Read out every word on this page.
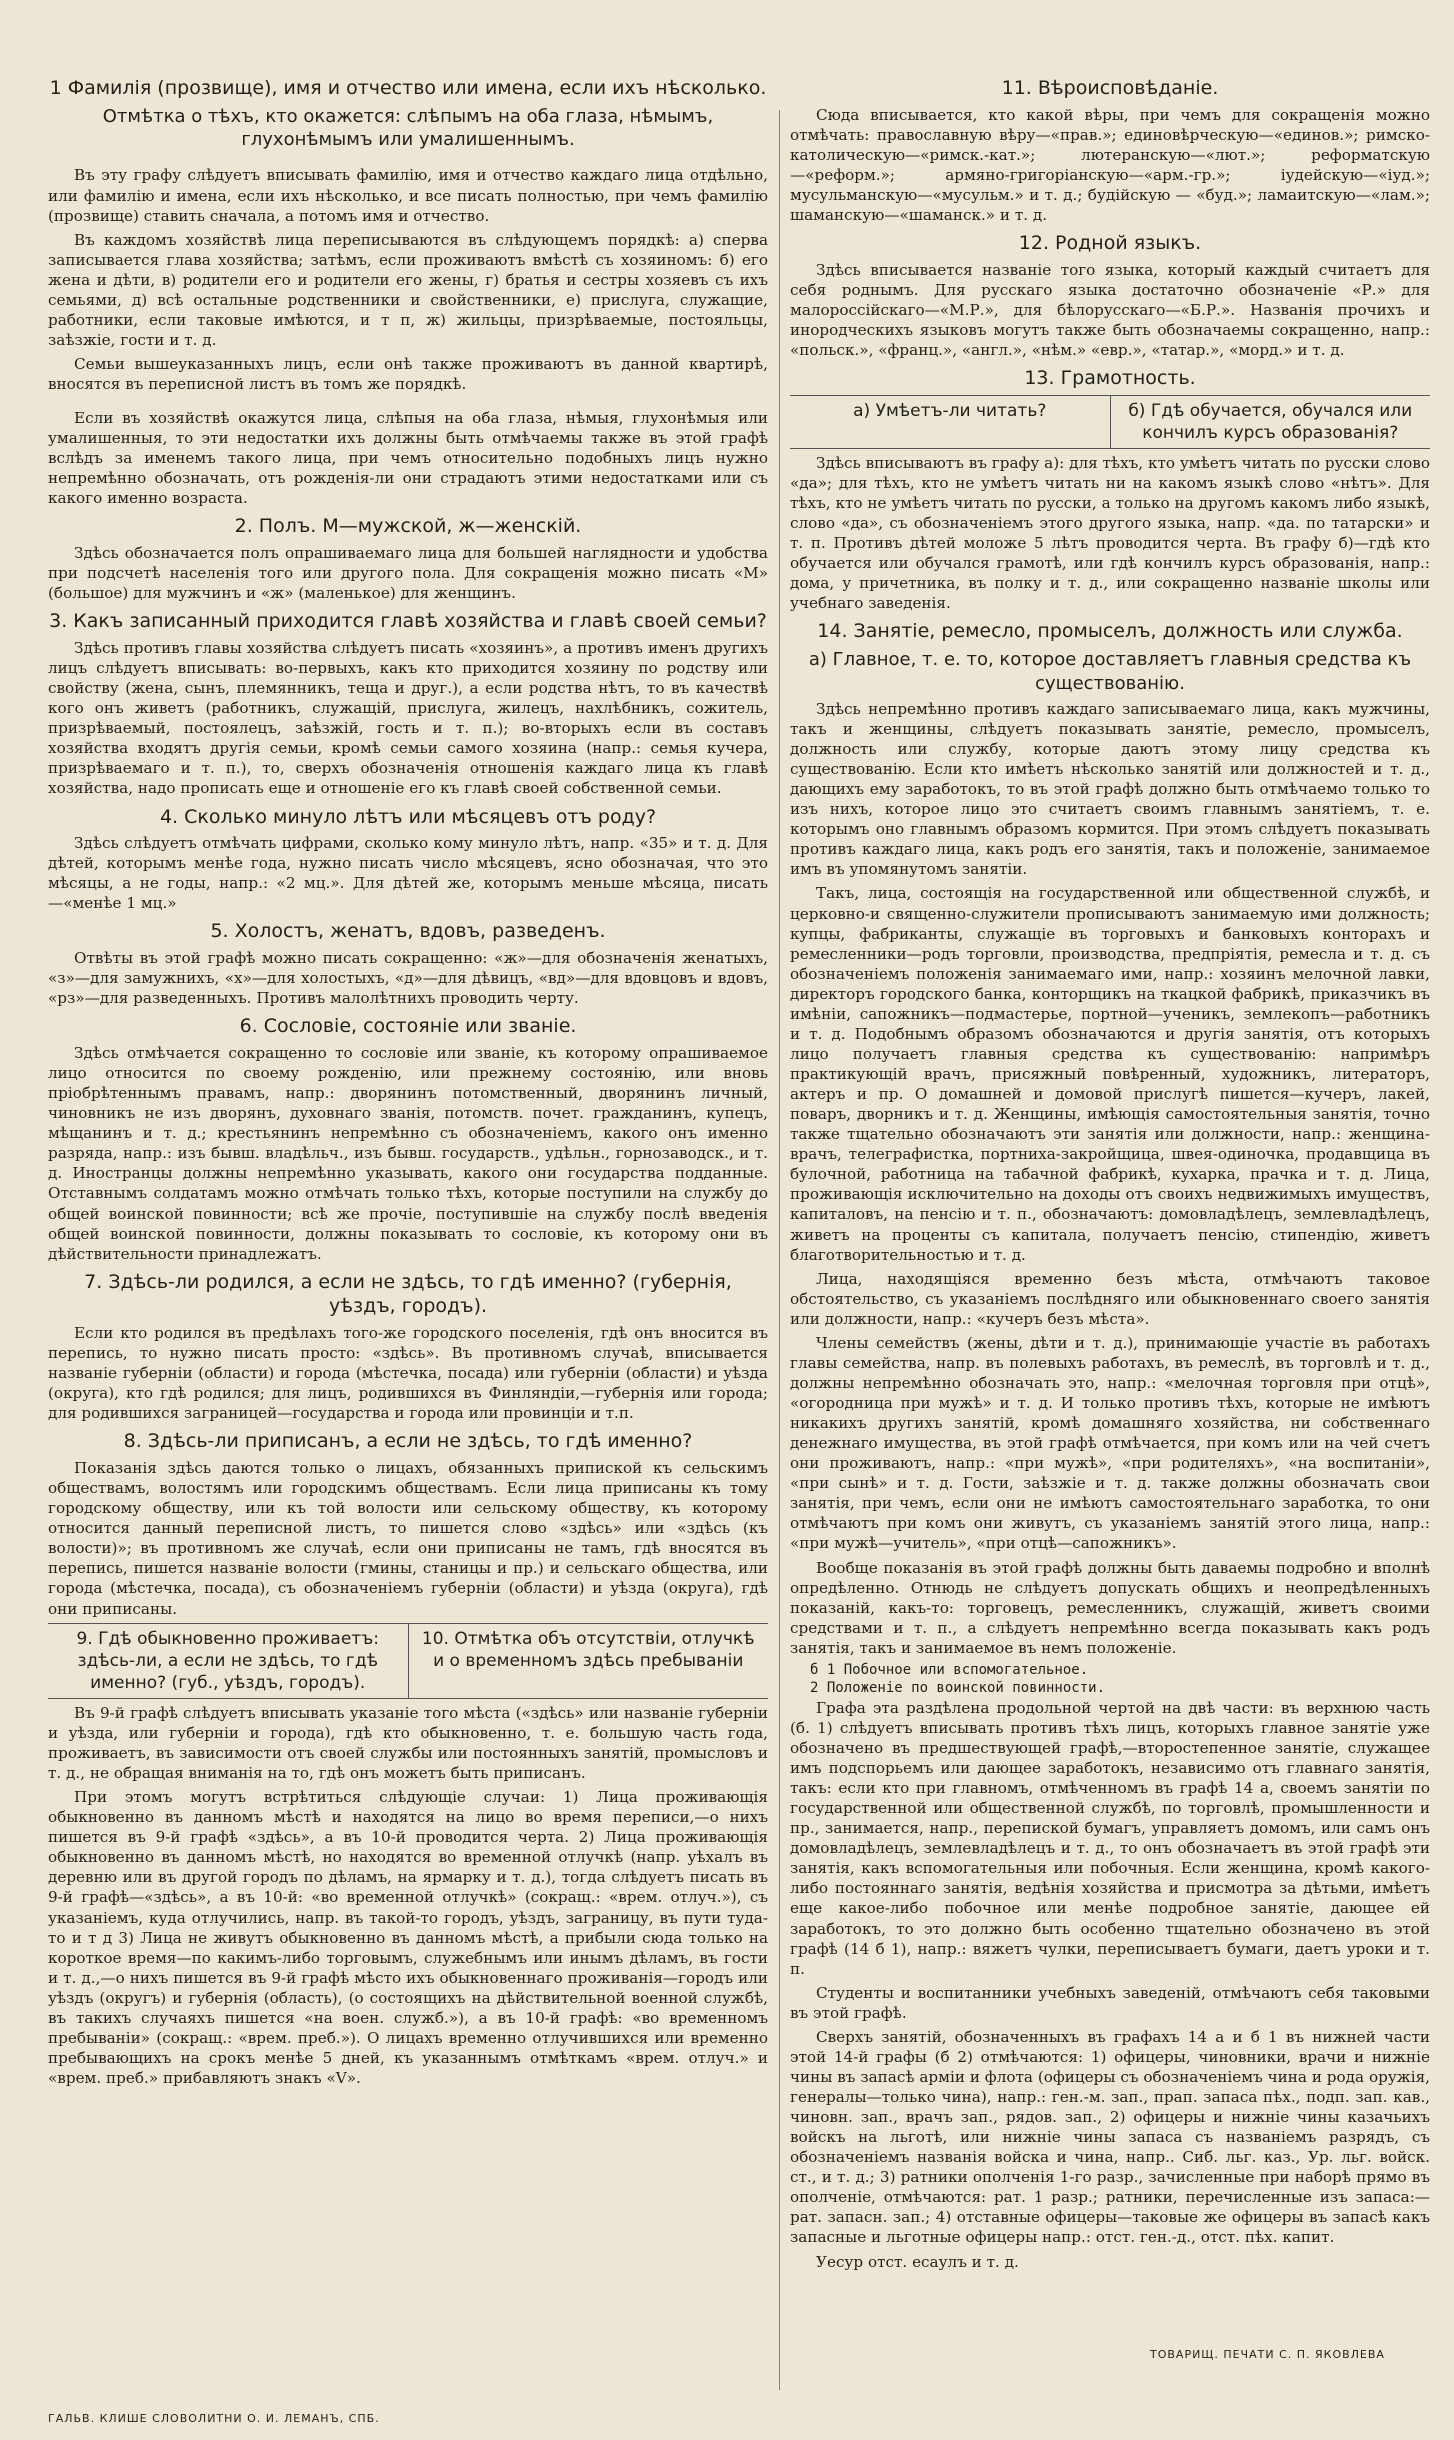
1 Фамилiя (прозвище), имя и отчество или имена, если ихъ нѣсколько.
Отмѣтка о тѣхъ, кто окажется: слѣпымъ на оба глаза, нѣмымъ, глухонѣмымъ или умалишеннымъ.

Въ эту графу слѣдуетъ вписывать фамилiю, имя и отчество каждаго лица отдѣльно, или фамилiю и имена, если ихъ нѣсколько, и все писать полностью, при чемъ фамилiю (прозвище) ставить сначала, а потомъ имя и отчество.

Въ каждомъ хозяйствѣ лица переписываются въ слѣдующемъ порядкѣ: а) сперва записывается глава хозяйства; затѣмъ, если проживаютъ вмѣстѣ съ хозяиномъ: б) его жена и дѣти, в) родители его и родители его жены, г) братья и сестры хозяевъ съ ихъ семьями, д) всѣ остальные родственники и свойственники, е) прислуга, служащие, работники, если таковые имѣются, и т п, ж) жильцы, призрѣваемые, постояльцы, заѣзжiе, гости и т. д.

Семьи вышеуказанныхъ лицъ, если онѣ также проживаютъ въ данной квартирѣ, вносятся въ переписной листъ въ томъ же порядкѣ.

Если въ хозяйствѣ окажутся лица, слѣпыя на оба глаза, нѣмыя, глухонѣмыя или умалишенныя, то эти недостатки ихъ должны быть отмѣчаемы также въ этой графѣ вслѣдъ за именемъ такого лица, при чемъ относительно подобныхъ лицъ нужно непремѣнно обозначать, отъ рожденiя-ли они страдаютъ этими недостатками или съ какого именно возраста.

2. Полъ. М—мужской, ж—женскiй.

Здѣсь обозначается полъ опрашиваемаго лица для большей наглядности и удобства при подсчетѣ населенiя того или другого пола. Для сокращенiя можно писать «М» (большое) для мужчинъ и «ж» (маленькое) для женщинъ.

3. Какъ записанный приходится главѣ хозяйства и главѣ своей семьи?

Здѣсь противъ главы хозяйства слѣдуетъ писать «хозяинъ», а противъ именъ другихъ лицъ слѣдуетъ вписывать: во-первыхъ, какъ кто приходится хозяину по родству или свойству (жена, сынъ, племянникъ, теща и друг.), а если родства нѣтъ, то въ качествѣ кого онъ живетъ (работникъ, служащiй, прислуга, жилецъ, нахлѣбникъ, сожитель, призрѣваемый, постоялецъ, заѣзжiй, гость и т. п.); во-вторыхъ если въ составъ хозяйства входятъ другiя семьи, кромѣ семьи самого хозяина (напр.: семья кучера, призрѣваемаго и т. п.), то, сверхъ обозначенiя отношенiя каждаго лица къ главѣ хозяйства, надо прописать еще и отношенiе его къ главѣ своей собственной семьи.

4. Сколько минуло лѣтъ или мѣсяцевъ отъ роду?

Здѣсь слѣдуетъ отмѣчать цифрами, сколько кому минуло лѣтъ, напр. «35» и т. д. Для дѣтей, которымъ менѣе года, нужно писать число мѣсяцевъ, ясно обозначая, что это мѣсяцы, а не годы, напр.: «2 мц.». Для дѣтей же, которымъ меньше мѣсяца, писать—«менѣе 1 мц.»

5. Холостъ, женатъ, вдовъ, разведенъ.

Отвѣты въ этой графѣ можно писать сокращенно: «ж»—для обозначенiя женатыхъ, «з»—для замужнихъ, «х»—для холостыхъ, «д»—для дѣвицъ, «вд»—для вдовцовъ и вдовъ, «рз»—для разведенныхъ. Противъ малолѣтнихъ проводить черту.

6. Сословiе, состоянiе или званiе.

Здѣсь отмѣчается сокращенно то сословiе или званiе, къ которому опрашиваемое лицо относится по своему рожденiю, или прежнему состоянiю, или вновь прiобрѣтеннымъ правамъ, напр.: дворянинъ потомственный, дворянинъ личный, чиновникъ не изъ дворянъ, духовнаго званiя, потомств. почет. гражданинъ, купецъ, мѣщанинъ и т. д.; крестьянинъ непремѣнно съ обозначенiемъ, какого онъ именно разряда, напр.: изъ бывш. владѣльч., изъ бывш. государств., удѣльн., горнозаводск., и т. д. Иностранцы должны непремѣнно указывать, какого они государства подданные. Отставнымъ солдатамъ можно отмѣчать только тѣхъ, которые поступили на службу до общей воинской повинности; всѣ же прочiе, поступившiе на службу послѣ введенiя общей воинской повинности, должны показывать то сословiе, къ которому они въ дѣйствительности принадлежатъ.

7. Здѣсь-ли родился, а если не здѣсь, то гдѣ именно? (губернiя, уѣздъ, городъ).

Если кто родился въ предѣлахъ того-же городского поселенiя, гдѣ онъ вносится въ перепись, то нужно писать просто: «здѣсь». Въ противномъ случаѣ, вписывается названiе губернiи (области) и города (мѣстечка, посада) или губернiи (области) и уѣзда (округа), кто гдѣ родился; для лицъ, родившихся въ Финляндiи,—губернiя или города; для родившихся заграницей—государства и города или провинцiи и т.п.

8. Здѣсь-ли приписанъ, а если не здѣсь, то гдѣ именно?

Показанiя здѣсь даются только о лицахъ, обязанныхъ припиской къ сельскимъ обществамъ, волостямъ или городскимъ обществамъ. Если лица приписаны къ тому городскому обществу, или къ той волости или сельскому обществу, къ которому относится данный переписной листъ, то пишется слово «здѣсь» или «здѣсь (къ волости)»; въ противномъ же случаѣ, если они приписаны не тамъ, гдѣ вносятся въ перепись, пишется названiе волости (гмины, станицы и пр.) и сельскаго общества, или города (мѣстечка, посада), съ обозначенiемъ губернiи (области) и уѣзда (округа), гдѣ они приписаны.

9. Гдѣ обыкновенно проживаетъ: здѣсь-ли, а если не здѣсь, то гдѣ именно? (губ., уѣздъ, городъ).
10. Отмѣтка объ отсутствiи, отлучкѣ и о временномъ здѣсь пребыванiи

Въ 9-й графѣ слѣдуетъ вписывать указанiе того мѣста («здѣсь» или названiе губернiи и уѣзда, или губернiи и города), гдѣ кто обыкновенно, т. е. большую часть года, проживаетъ, въ зависимости отъ своей службы или постоянныхъ занятiй, промысловъ и т. д., не обращая вниманiя на то, гдѣ онъ можетъ быть приписанъ.

При этомъ могутъ встрѣтиться слѣдующiе случаи: 1) Лица проживающiя обыкновенно въ данномъ мѣстѣ и находятся на лицо во время переписи,—о нихъ пишется въ 9-й графѣ «здѣсь», а въ 10-й проводится черта. 2) Лица проживающiя обыкновенно въ данномъ мѣстѣ, но находятся во временной отлучкѣ (напр. уѣхалъ въ деревню или въ другой городъ по дѣламъ, на ярмарку и т. д.), тогда слѣдуетъ писать въ 9-й графѣ—«здѣсь», а въ 10-й: «во временной отлучкѣ» (сокращ.: «врем. отлуч.»), съ указанiемъ, куда отлучились, напр. въ такой-то городъ, уѣздъ, заграницу, въ пути туда-то и т д 3) Лица не живутъ обыкновенно въ данномъ мѣстѣ, а прибыли сюда только на короткое время—по какимъ-либо торговымъ, служебнымъ или инымъ дѣламъ, въ гости и т. д.,—о нихъ пишется въ 9-й графѣ мѣсто ихъ обыкновеннаго проживанiя—городъ или уѣздъ (округъ) и губернiя (область), (о состоящихъ на дѣйствительной военной службѣ, въ такихъ случаяхъ пишется «на воен. служб.»), а въ 10-й графѣ: «во временномъ пребыванiи» (сокращ.: «врем. преб.»). О лицахъ временно отлучившихся или временно пребывающихъ на срокъ менѣе 5 дней, къ указаннымъ отмѣткамъ «врем. отлуч.» и «врем. преб.» прибавляютъ знакъ «V».

11. Вѣроисповѣданiе.

Сюда вписывается, кто какой вѣры, при чемъ для сокращенiя можно отмѣчать: православную вѣру—«прав.»; единовѣрческую—«единов.»; римско-католическую—«римск.-кат.»; лютеранскую—«лют.»; реформатскую—«реформ.»; армяно-григорiанскую—«арм.-гр.»; iудейскую—«iуд.»; мусульманскую—«мусульм.» и т. д.; будiйскую — «буд.»; ламаитскую—«лам.»; шаманскую—«шаманск.» и т. д.

12. Родной языкъ.

Здѣсь вписывается названiе того языка, который каждый считаетъ для себя роднымъ. Для русскаго языка достаточно обозначенiе «Р.» для малороссiйскаго—«М.Р.», для бѣлорусскаго—«Б.Р.». Названiя прочихъ и инородческихъ языковъ могутъ также быть обозначаемы сокращенно, напр.: «польск.», «франц.», «англ.», «нѣм.» «евр.», «татар.», «морд.» и т. д.

13. Грамотность.
а) Умѣетъ-ли читать?	б) Гдѣ обучается, обучался или кончилъ курсъ образованiя?

Здѣсь вписываютъ въ графу а): для тѣхъ, кто умѣетъ читать по русски слово «да»; для тѣхъ, кто не умѣетъ читать ни на какомъ языкѣ слово «нѣтъ». Для тѣхъ, кто не умѣетъ читать по русски, а только на другомъ какомъ либо языкѣ, слово «да», съ обозначенiемъ этого другого языка, напр. «да. по татарски» и т. п. Противъ дѣтей моложе 5 лѣтъ проводится черта. Въ графу б)—гдѣ кто обучается или обучался грамотѣ, или гдѣ кончилъ курсъ образованiя, напр.: дома, у причетника, въ полку и т. д., или сокращенно названiе школы или учебнаго заведенiя.

14. Занятiе, ремесло, промыселъ, должность или служба.
а) Главное, т. е. то, которое доставляетъ главныя средства къ существованiю.

Здѣсь непремѣнно противъ каждаго записываемаго лица, какъ мужчины, такъ и женщины, слѣдуетъ показывать занятiе, ремесло, промыселъ, должность или службу, которые даютъ этому лицу средства къ существованiю. Если кто имѣетъ нѣсколько занятiй или должностей и т. д., дающихъ ему заработокъ, то въ этой графѣ должно быть отмѣчаемо только то изъ нихъ, которое лицо это считаетъ своимъ главнымъ занятiемъ, т. е. которымъ оно главнымъ образомъ кормится. При этомъ слѣдуетъ показывать противъ каждаго лица, какъ родъ его занятiя, такъ и положенiе, занимаемое имъ въ упомянутомъ занятiи.

Такъ, лица, состоящiя на государственной или общественной службѣ, и церковно-и священно-служители прописываютъ занимаемую ими должность; купцы, фабриканты, служащiе въ торговыхъ и банковыхъ конторахъ и ремесленники—родъ торговли, производства, предпрiятiя, ремесла и т. д. съ обозначенiемъ положенiя занимаемаго ими, напр.: хозяинъ мелочной лавки, директоръ городского банка, конторщикъ на ткацкой фабрикѣ, приказчикъ въ имѣнiи, сапожникъ—подмастерье, портной—ученикъ, землекопъ—работникъ и т. д. Подобнымъ образомъ обозначаются и другiя занятiя, отъ которыхъ лицо получаетъ главныя средства къ существованiю: напримѣръ практикующiй врачъ, присяжный повѣренный, художникъ, литераторъ, актеръ и пр. О домашней и домовой прислугѣ пишется—кучеръ, лакей, поваръ, дворникъ и т. д. Женщины, имѣющiя самостоятельныя занятiя, точно также тщательно обозначаютъ эти занятiя или должности, напр.: женщина-врачъ, телеграфистка, портниха-закройщица, швея-одиночка, продавщица въ булочной, работница на табачной фабрикѣ, кухарка, прачка и т. д. Лица, проживающiя исключительно на доходы отъ своихъ недвижимыхъ имуществъ, капиталовъ, на пенсiю и т. п., обозначаютъ: домовладѣлецъ, землевладѣлецъ, живетъ на проценты съ капитала, получаетъ пенсiю, стипендiю, живетъ благотворительностью и т. д.

Лица, находящiяся временно безъ мѣста, отмѣчаютъ таковое обстоятельство, съ указанiемъ послѣдняго или обыкновеннаго своего занятiя или должности, напр.: «кучеръ безъ мѣста».

Члены семействъ (жены, дѣти и т. д.), принимающiе участiе въ работахъ главы семейства, напр. въ полевыхъ работахъ, въ ремеслѣ, въ торговлѣ и т. д., должны непремѣнно обозначать это, напр.: «мелочная торговля при отцѣ», «огородница при мужѣ» и т. д. И только противъ тѣхъ, которые не имѣютъ никакихъ другихъ занятiй, кромѣ домашняго хозяйства, ни собственнаго денежнаго имущества, въ этой графѣ отмѣчается, при комъ или на чей счетъ они проживаютъ, напр.: «при мужѣ», «при родителяхъ», «на воспитанiи», «при сынѣ» и т. д. Гости, заѣзжiе и т. д. также должны обозначать свои занятiя, при чемъ, если они не имѣютъ самостоятельнаго заработка, то они отмѣчаютъ при комъ они живутъ, съ указанiемъ занятiй этого лица, напр.: «при мужѣ—учитель», «при отцѣ—сапожникъ».

Вообще показанiя въ этой графѣ должны быть даваемы подробно и вполнѣ опредѣленно. Отнюдь не слѣдуетъ допускать общихъ и неопредѣленныхъ показанiй, какъ-то: торговецъ, ремесленникъ, служащiй, живетъ своими средствами и т. п., а слѣдуетъ непремѣнно всегда показывать какъ родъ занятiя, такъ и занимаемое въ немъ положенiе.

б 1 Побочное или вспомогательное.
2 Положенiе по воинской повинности.

Графа эта раздѣлена продольной чертой на двѣ части: въ верхнюю часть (б. 1) слѣдуетъ вписывать противъ тѣхъ лицъ, которыхъ главное занятiе уже обозначено въ предшествующей графѣ,—второстепенное занятiе, служащее имъ подспорьемъ или дающее заработокъ, независимо отъ главнаго занятiя, такъ: если кто при главномъ, отмѣченномъ въ графѣ 14 а, своемъ занятiи по государственной или общественной службѣ, по торговлѣ, промышленности и пр., занимается, напр., перепиской бумагъ, управляетъ домомъ, или самъ онъ домовладѣлецъ, землевладѣлецъ и т. д., то онъ обозначаетъ въ этой графѣ эти занятiя, какъ вспомогательныя или побочныя. Если женщина, кромѣ какого-либо постояннаго занятiя, ведѣнiя хозяйства и присмотра за дѣтьми, имѣетъ еще какое-либо побочное или менѣе подробное занятiе, дающее ей заработокъ, то это должно быть особенно тщательно обозначено въ этой графѣ (14 б 1), напр.: вяжетъ чулки, переписываетъ бумаги, даетъ уроки и т. п.

Студенты и воспитанники учебныхъ заведенiй, отмѣчаютъ себя таковыми въ этой графѣ.

Сверхъ занятiй, обозначенныхъ въ графахъ 14 а и б 1 въ нижней части этой 14-й графы (б 2) отмѣчаются: 1) офицеры, чиновники, врачи и нижнiе чины въ запасѣ армiи и флота (офицеры съ обозначенiемъ чина и рода оружiя, генералы—только чина), напр.: ген.-м. зап., прап. запаса пѣх., подп. зап. кав., чиновн. зап., врачъ зап., рядов. зап., 2) офицеры и нижнiе чины казачьихъ войскъ на льготѣ, или нижнiе чины запаса съ названiемъ разрядъ, съ обозначенiемъ названiя войска и чина, напр.. Сиб. льг. каз., Ур. льг. войск. ст., и т. д.; 3) ратники ополченiя 1-го разр., зачисленные при наборѣ прямо въ ополченiе, отмѣчаются: рат. 1 разр.; ратники, перечисленные изъ запаса:—рат. запасн. зап.; 4) отставные офицеры—таковые же офицеры въ запасѣ какъ запасные и льготные офицеры напр.: отст. ген.-д., отст. пѣх. капит.

Уесур отст. есаулъ и т. д.

ТОВАРИЩ. ПЕЧАТИ С. П. ЯКОВЛЕВА
ГАЛЬВ. КЛИШЕ СЛОВОЛИТНИ О. И. ЛЕМАНЪ, СПБ.
